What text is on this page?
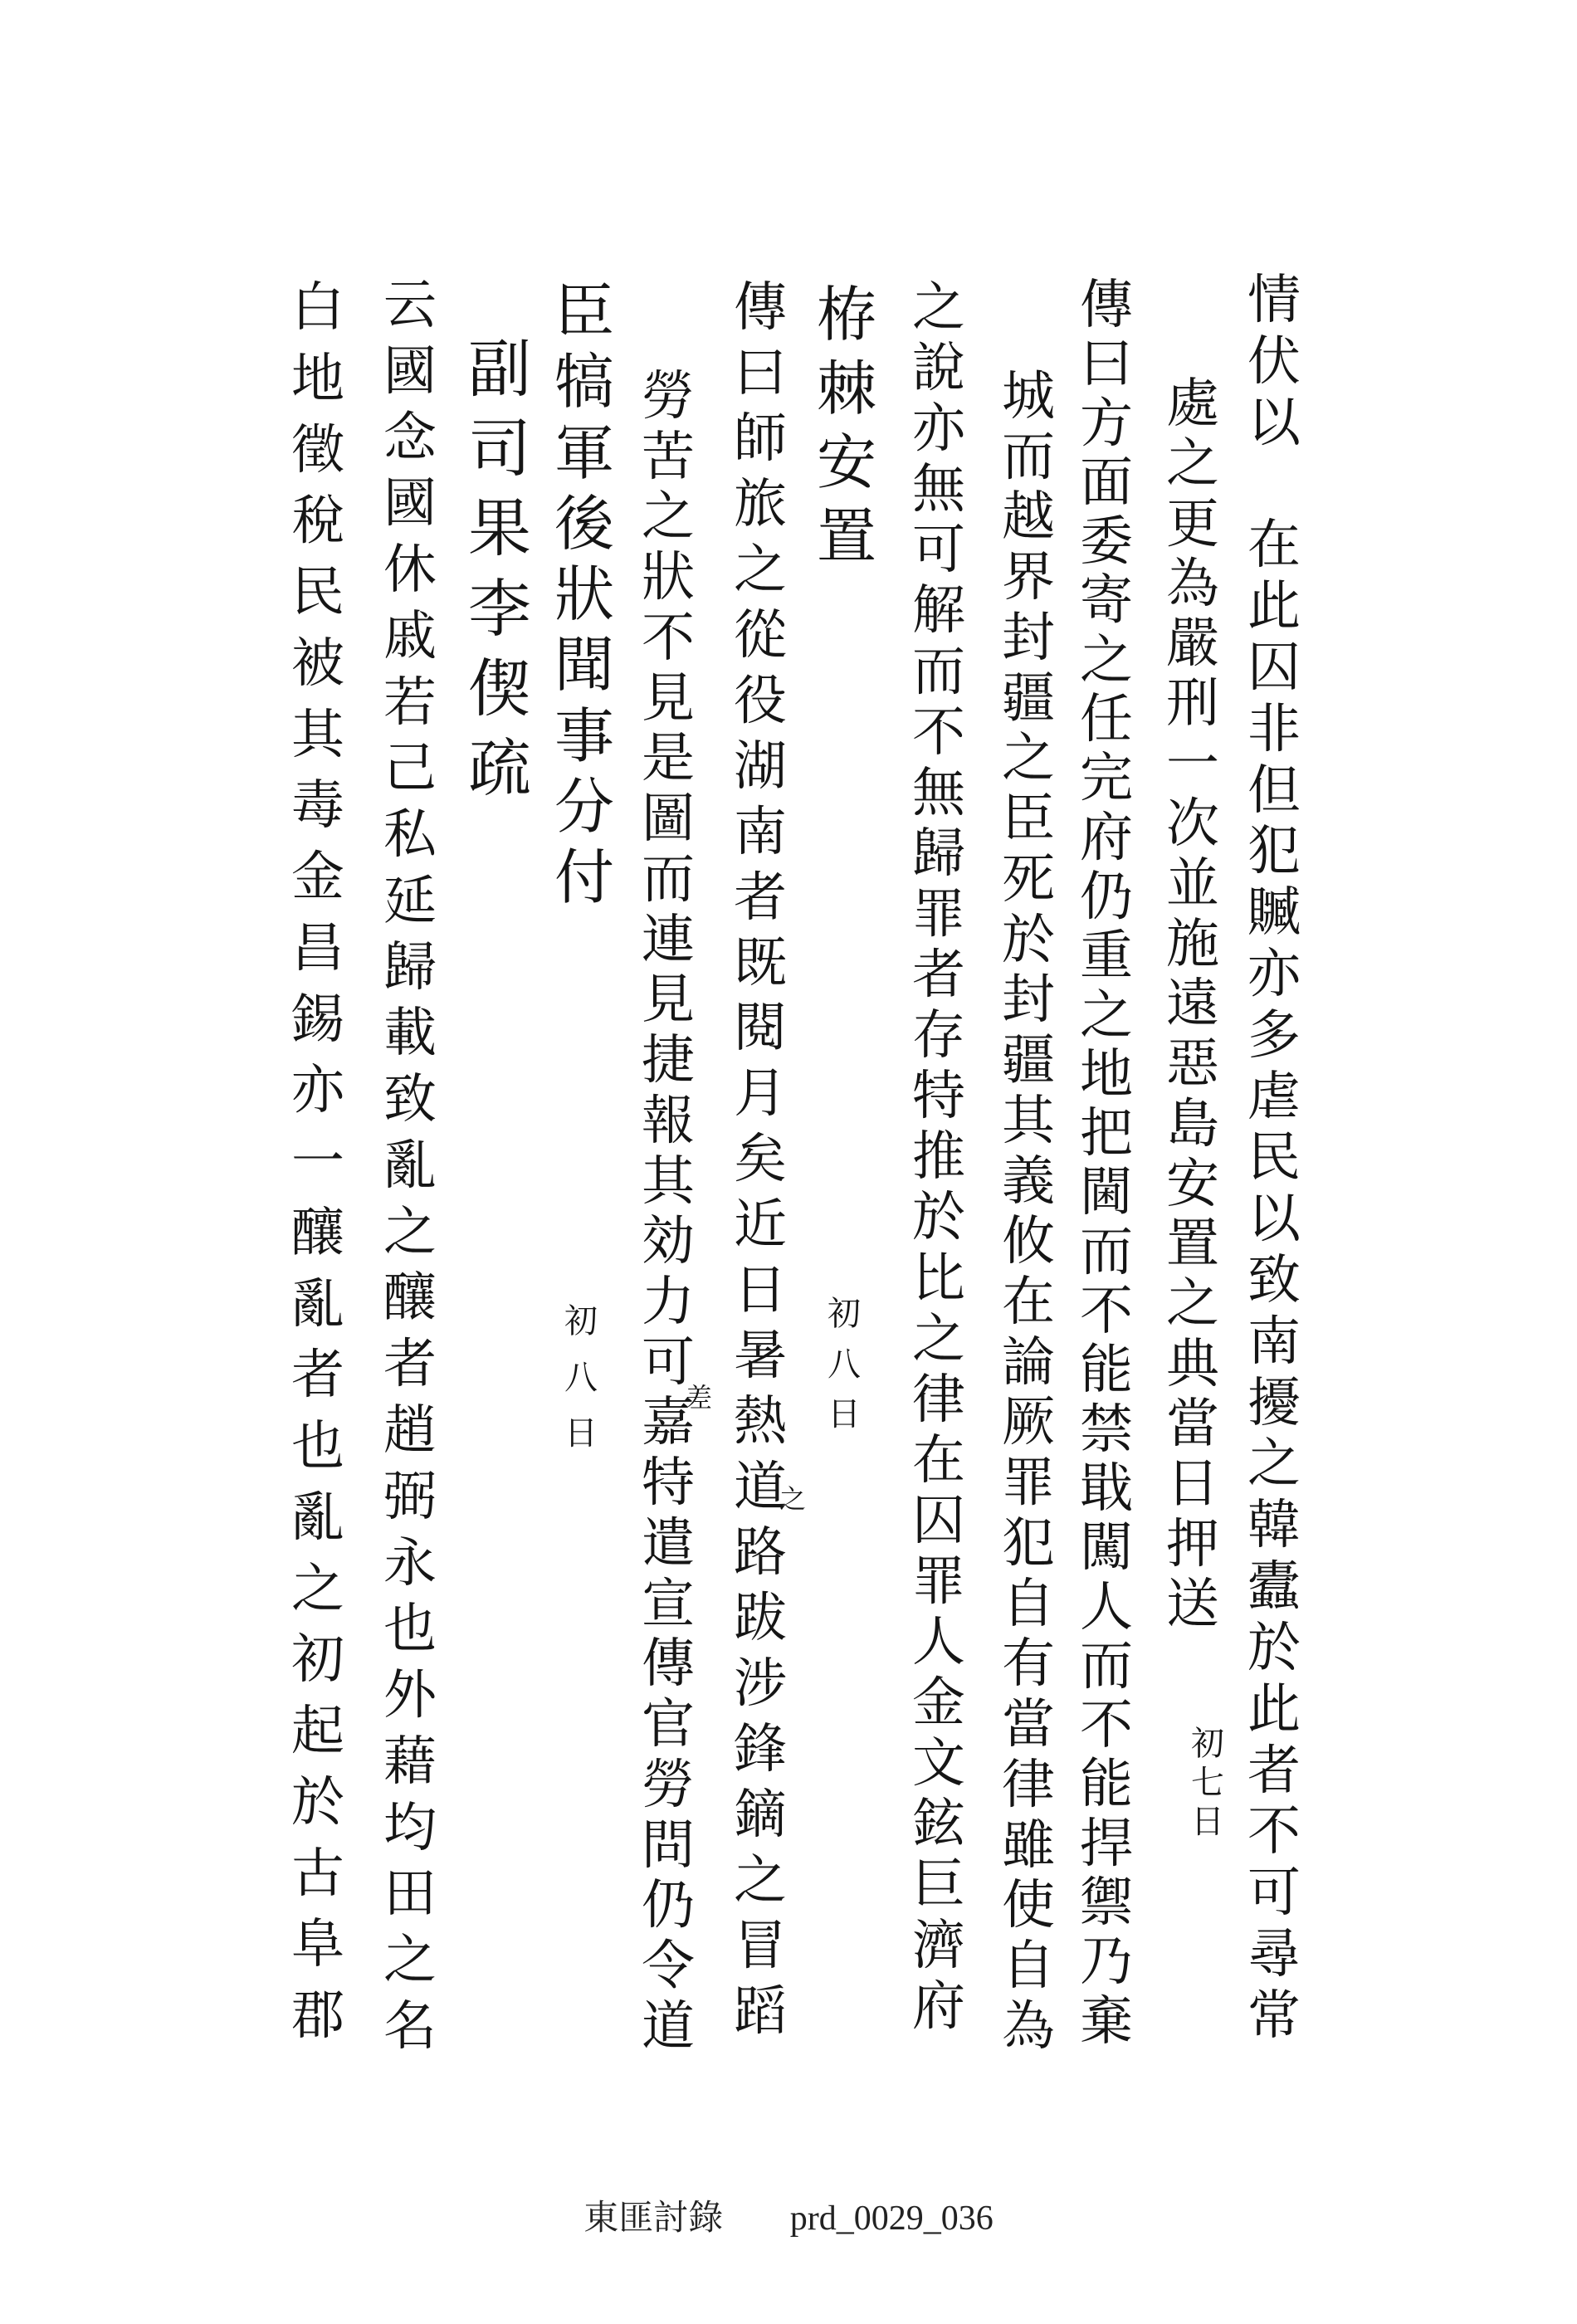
情
伏
以

在
此
囚
非
但
犯
贓
亦
多
虐
民
以
致
南
擾
之
韓
蠹
於
此
者
不
可
尋
常
處
之
更
為
嚴
刑
一
次
並
施
遠
惡
島
安
置
之
典
當
日
押
送
傳
曰
方
面
委
寄
之
任
完
府
仍
重
之
地
把
閫
而
不
能
禁
戢
闖
人
而
不
能
捍
禦
乃
棄
城
而
越
界
封
疆
之
臣
死
於
封
疆
其
義
攸
在
論
厥
罪
犯
自
有
當
律
雖
使
自
為
之
說
亦
無
可
解
而
不
無
歸
罪
者
存
特
推
於
比
之
律
在
囚
罪
人
金
文
鉉
巨
濟
府
栫
棘
安
置
傳
曰
師
旅
之
從
役
湖
南
者
既
閱
月
矣
近
日
暑
熱
道
路
跋
涉
鋒
鏑
之
冒
蹈
勞
苦
之
狀
不
見
是
圖
而
連
見
捷
報
其
効
力
可
嘉
特
遣
宣
傳
官
勞
問
仍
令
道
臣
犒
軍
後
狀
聞
事
分
付
副
司
果
李
偰
疏
云
國
念
國
休
戚
若
己
私
延
歸
載
致
亂
之
釀
者
趙
弼
永
也
外
藉
均
田
之
名
白
地
徵
稅
民
被
其
毒
金
昌
錫
亦
一
釀
亂
者
也
亂
之
初
起
於
古
阜
郡
初
七
日
初
八
日
初
八
日
之
差
東匪討錄 prd_0029_036
